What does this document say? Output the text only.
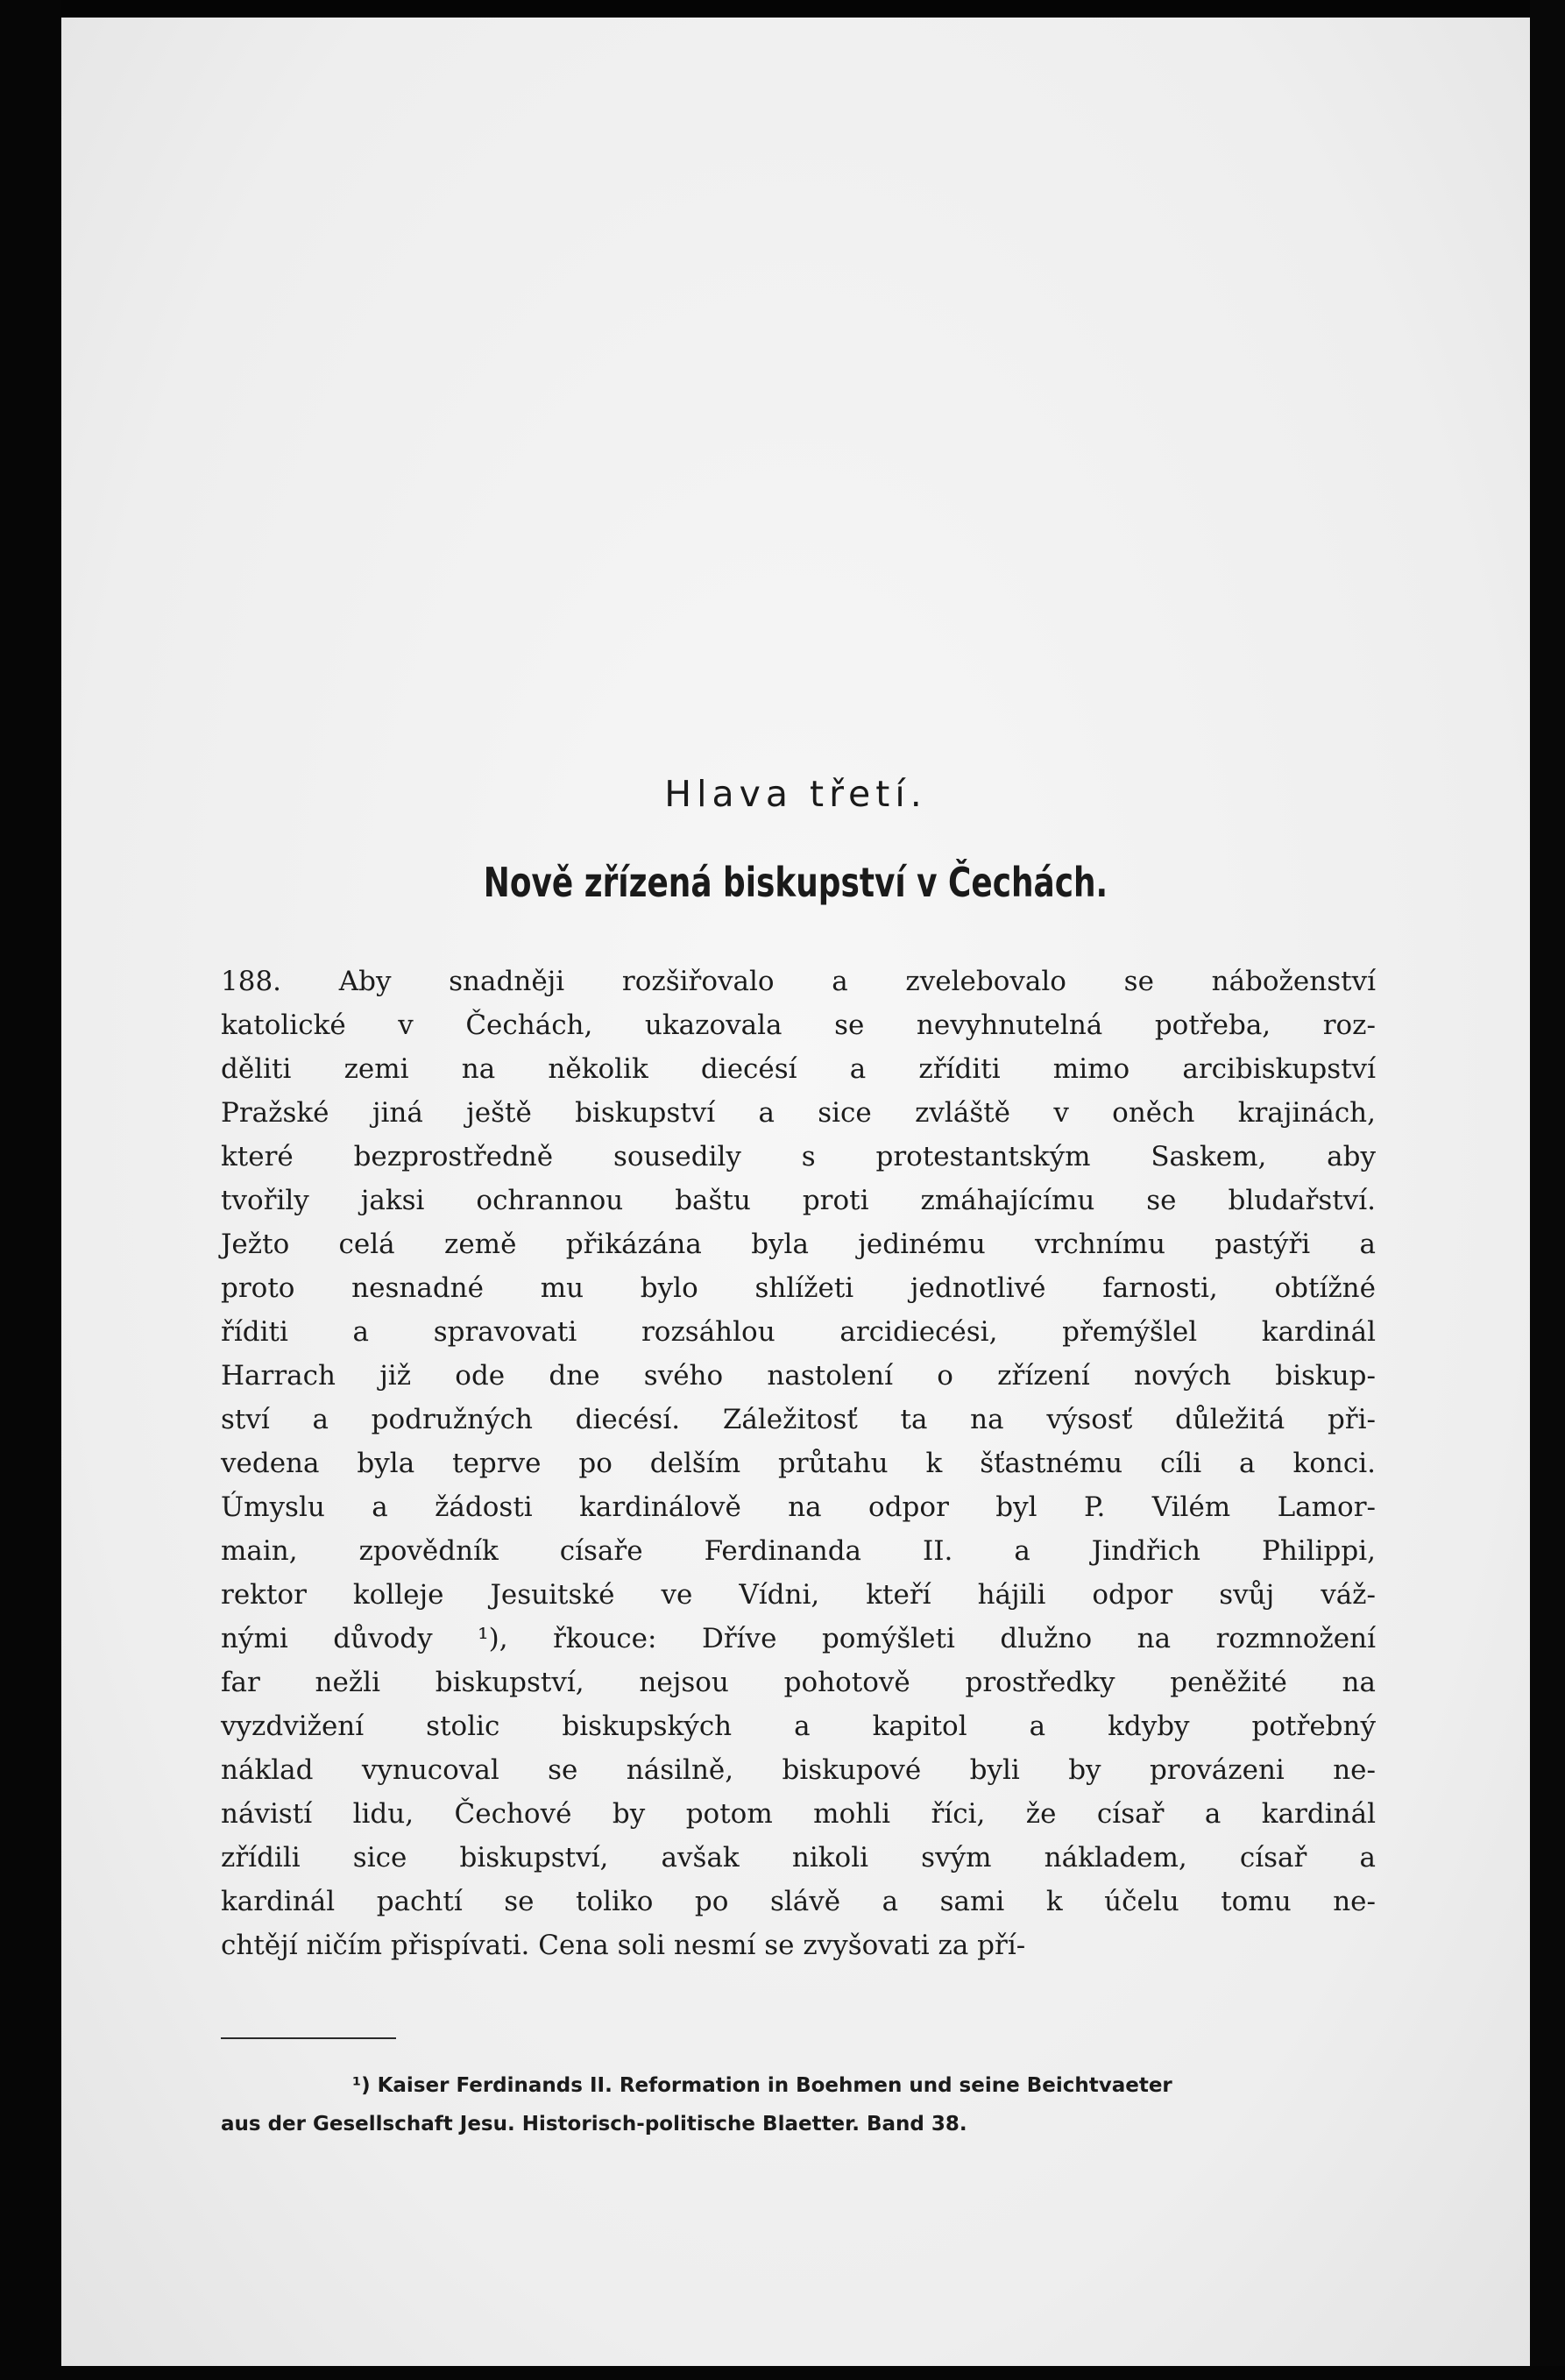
Hlava třetí.
Nově zřízená biskupství v Čechách.
188. Aby snadněji rozšiřovalo a zvelebovalo se náboženství
katolické v Čechách, ukazovala se nevyhnutelná potřeba, roz-
děliti zemi na několik diecésí a zříditi mimo arcibiskupství
Pražské jiná ještě biskupství a sice zvláště v oněch krajinách,
které bezprostředně sousedily s protestantským Saskem, aby
tvořily jaksi ochrannou baštu proti zmáhajícímu se bludařství.
Ježto celá země přikázána byla jedinému vrchnímu pastýři a
proto nesnadné mu bylo shlížeti jednotlivé farnosti, obtížné
říditi a spravovati rozsáhlou arcidiecési, přemýšlel kardinál
Harrach již ode dne svého nastolení o zřízení nových biskup-
ství a podružných diecésí. Záležitosť ta na výsosť důležitá při-
vedena byla teprve po delším průtahu k šťastnému cíli a konci.
Úmyslu a žádosti kardinálově na odpor byl P. Vilém Lamor-
main, zpovědník císaře Ferdinanda II. a Jindřich Philippi,
rektor kolleje Jesuitské ve Vídni, kteří hájili odpor svůj váž-
nými důvody ¹), řkouce: Dříve pomýšleti dlužno na rozmnožení
far nežli biskupství, nejsou pohotově prostředky peněžité na
vyzdvižení stolic biskupských a kapitol a kdyby potřebný
náklad vynucoval se násilně, biskupové byli by provázeni ne-
návistí lidu, Čechové by potom mohli říci, že císař a kardinál
zřídili sice biskupství, avšak nikoli svým nákladem, císař a
kardinál pachtí se toliko po slávě a sami k účelu tomu ne-
chtějí ničím přispívati. Cena soli nesmí se zvyšovati za pří-
¹) Kaiser Ferdinands II. Reformation in Boehmen und seine Beichtvaeter
aus der Gesellschaft Jesu. Historisch-politische Blaetter. Band 38.
